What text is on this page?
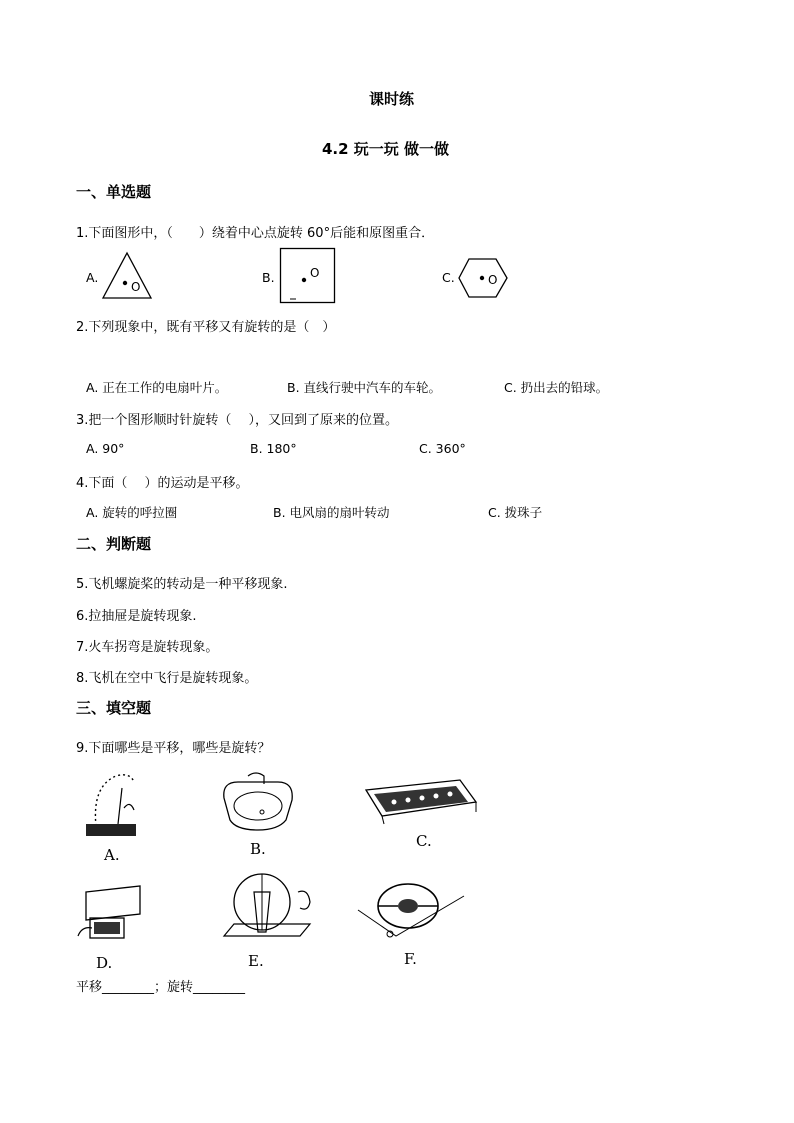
课时练
4.2 玩一玩 做一做
一、单选题
1.下面图形中，（　　）绕着中心点旋转 60°后能和原图重合．
A.
O
B.	O	C.	O
2.下列现象中，既有平移又有旋转的是（　）
A. 正在工作的电扇叶片。	B. 直线行驶中汽车的车轮。	C. 扔出去的铅球。
3.把一个图形顺时针旋转（　 ），又回到了原来的位置。
A. 90°	B. 180°	C. 360°
4.下面（　 ）的运动是平移。
A. 旋转的呼拉圈	B. 电风扇的扇叶转动	C. 拨珠子
二、判断题
5.飞机螺旋桨的转动是一种平移现象.
6.拉抽屉是旋转现象.
7.火车拐弯是旋转现象。
8.飞机在空中飞行是旋转现象。
三、填空题
9.下面哪些是平移，哪些是旋转？
A.	B.	C.
D.	E.	F.
平移________；旋转________
